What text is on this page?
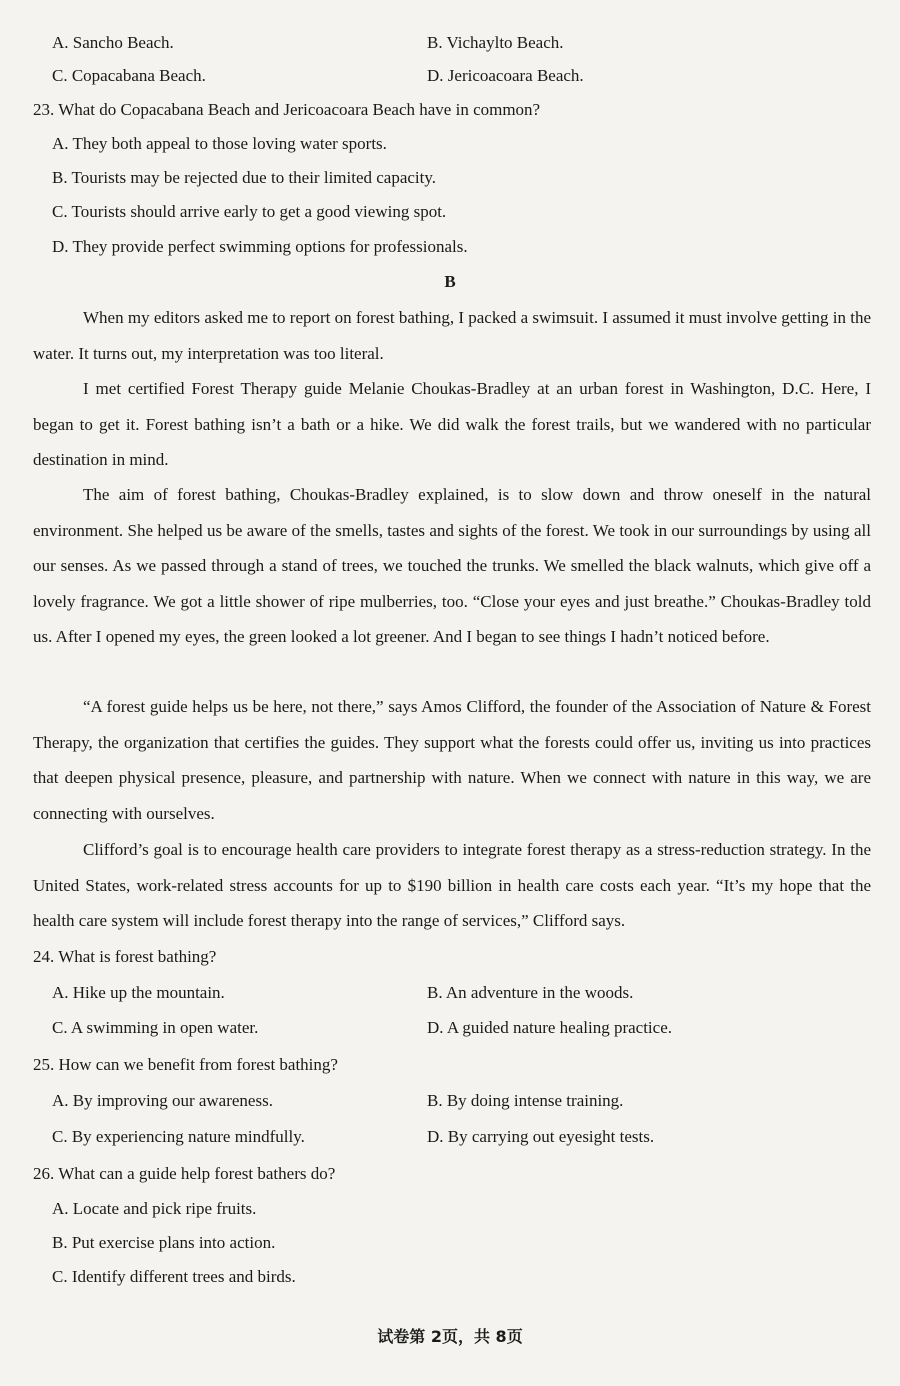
A. Sancho Beach.	B. Vichaylto Beach.
C. Copacabana Beach.	D. Jericoacoara Beach.
23. What do Copacabana Beach and Jericoacoara Beach have in common?
A. They both appeal to those loving water sports.
B. Tourists may be rejected due to their limited capacity.
C. Tourists should arrive early to get a good viewing spot.
D. They provide perfect swimming options for professionals.
B
When my editors asked me to report on forest bathing, I packed a swimsuit. I assumed it must involve getting in the water. It turns out, my interpretation was too literal.
I met certified Forest Therapy guide Melanie Choukas-Bradley at an urban forest in Washington, D.C. Here, I began to get it. Forest bathing isn’t a bath or a hike. We did walk the forest trails, but we wandered with no particular destination in mind.
The aim of forest bathing, Choukas-Bradley explained, is to slow down and throw oneself in the natural environment. She helped us be aware of the smells, tastes and sights of the forest. We took in our surroundings by using all our senses. As we passed through a stand of trees, we touched the trunks. We smelled the black walnuts, which give off a lovely fragrance. We got a little shower of ripe mulberries, too. “Close your eyes and just breathe.” Choukas-Bradley told us. After I opened my eyes, the green looked a lot greener. And I began to see things I hadn’t noticed before.
“A forest guide helps us be here, not there,” says Amos Clifford, the founder of the Association of Nature & Forest Therapy, the organization that certifies the guides. They support what the forests could offer us, inviting us into practices that deepen physical presence, pleasure, and partnership with nature. When we connect with nature in this way, we are connecting with ourselves.
Clifford’s goal is to encourage health care providers to integrate forest therapy as a stress-reduction strategy. In the United States, work-related stress accounts for up to $190 billion in health care costs each year. “It’s my hope that the health care system will include forest therapy into the range of services,” Clifford says.
24. What is forest bathing?
A. Hike up the mountain.	B. An adventure in the woods.
C. A swimming in open water.	D. A guided nature healing practice.
25. How can we benefit from forest bathing?
A. By improving our awareness.	B. By doing intense training.
C. By experiencing nature mindfully.	D. By carrying out eyesight tests.
26. What can a guide help forest bathers do?
A. Locate and pick ripe fruits.
B. Put exercise plans into action.
C. Identify different trees and birds.
试卷第 2页，共 8页
